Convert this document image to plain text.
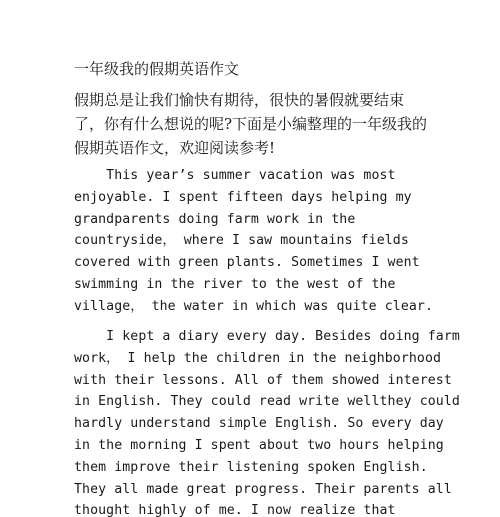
一年级我的假期英语作文
假期总是让我们愉快有期待，很快的暑假就要结束
了，你有什么想说的呢?下面是小编整理的一年级我的
假期英语作文，欢迎阅读参考!
This year’s summer vacation was most
enjoyable. I spent fifteen days helping my
grandparents doing farm work in the
countryside， where I saw mountains fields
covered with green plants. Sometimes I went
swimming in the river to the west of the
village， the water in which was quite clear.
I kept a diary every day. Besides doing farm
work， I help the children in the neighborhood
with their lessons. All of them showed interest
in English. They could read write wellthey could
hardly understand simple English. So every day
in the morning I spent about two hours helping
them improve their listening spoken English.
They all made great progress. Their parents all
thought highly of me. I now realize that
